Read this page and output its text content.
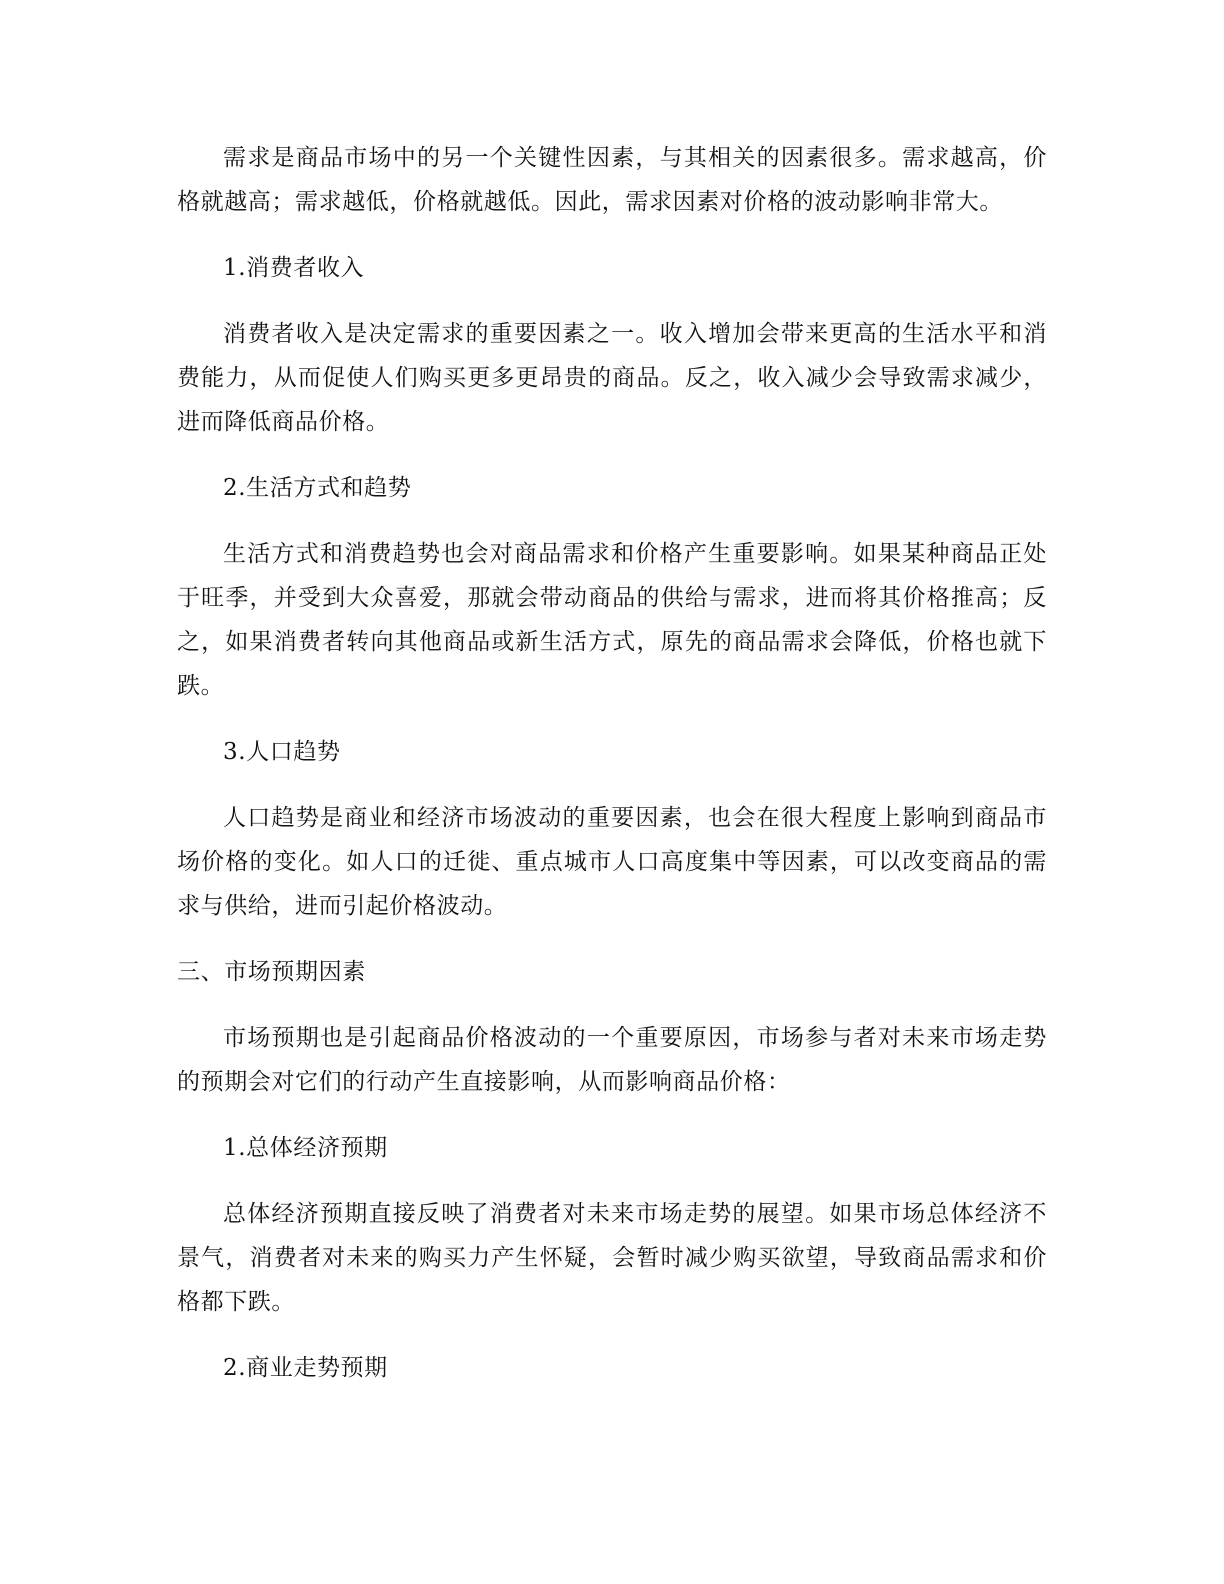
需求是商品市场中的另一个关键性因素，与其相关的因素很多。需求越高，价格就越高；需求越低，价格就越低。因此，需求因素对价格的波动影响非常大。

1.消费者收入

消费者收入是决定需求的重要因素之一。收入增加会带来更高的生活水平和消费能力，从而促使人们购买更多更昂贵的商品。反之，收入减少会导致需求减少，进而降低商品价格。

2.生活方式和趋势

生活方式和消费趋势也会对商品需求和价格产生重要影响。如果某种商品正处于旺季，并受到大众喜爱，那就会带动商品的供给与需求，进而将其价格推高；反之，如果消费者转向其他商品或新生活方式，原先的商品需求会降低，价格也就下跌。

3.人口趋势

人口趋势是商业和经济市场波动的重要因素，也会在很大程度上影响到商品市场价格的变化。如人口的迁徙、重点城市人口高度集中等因素，可以改变商品的需求与供给，进而引起价格波动。

三、市场预期因素

市场预期也是引起商品价格波动的一个重要原因，市场参与者对未来市场走势的预期会对它们的行动产生直接影响，从而影响商品价格：

1.总体经济预期

总体经济预期直接反映了消费者对未来市场走势的展望。如果市场总体经济不景气，消费者对未来的购买力产生怀疑，会暂时减少购买欲望，导致商品需求和价格都下跌。

2.商业走势预期
